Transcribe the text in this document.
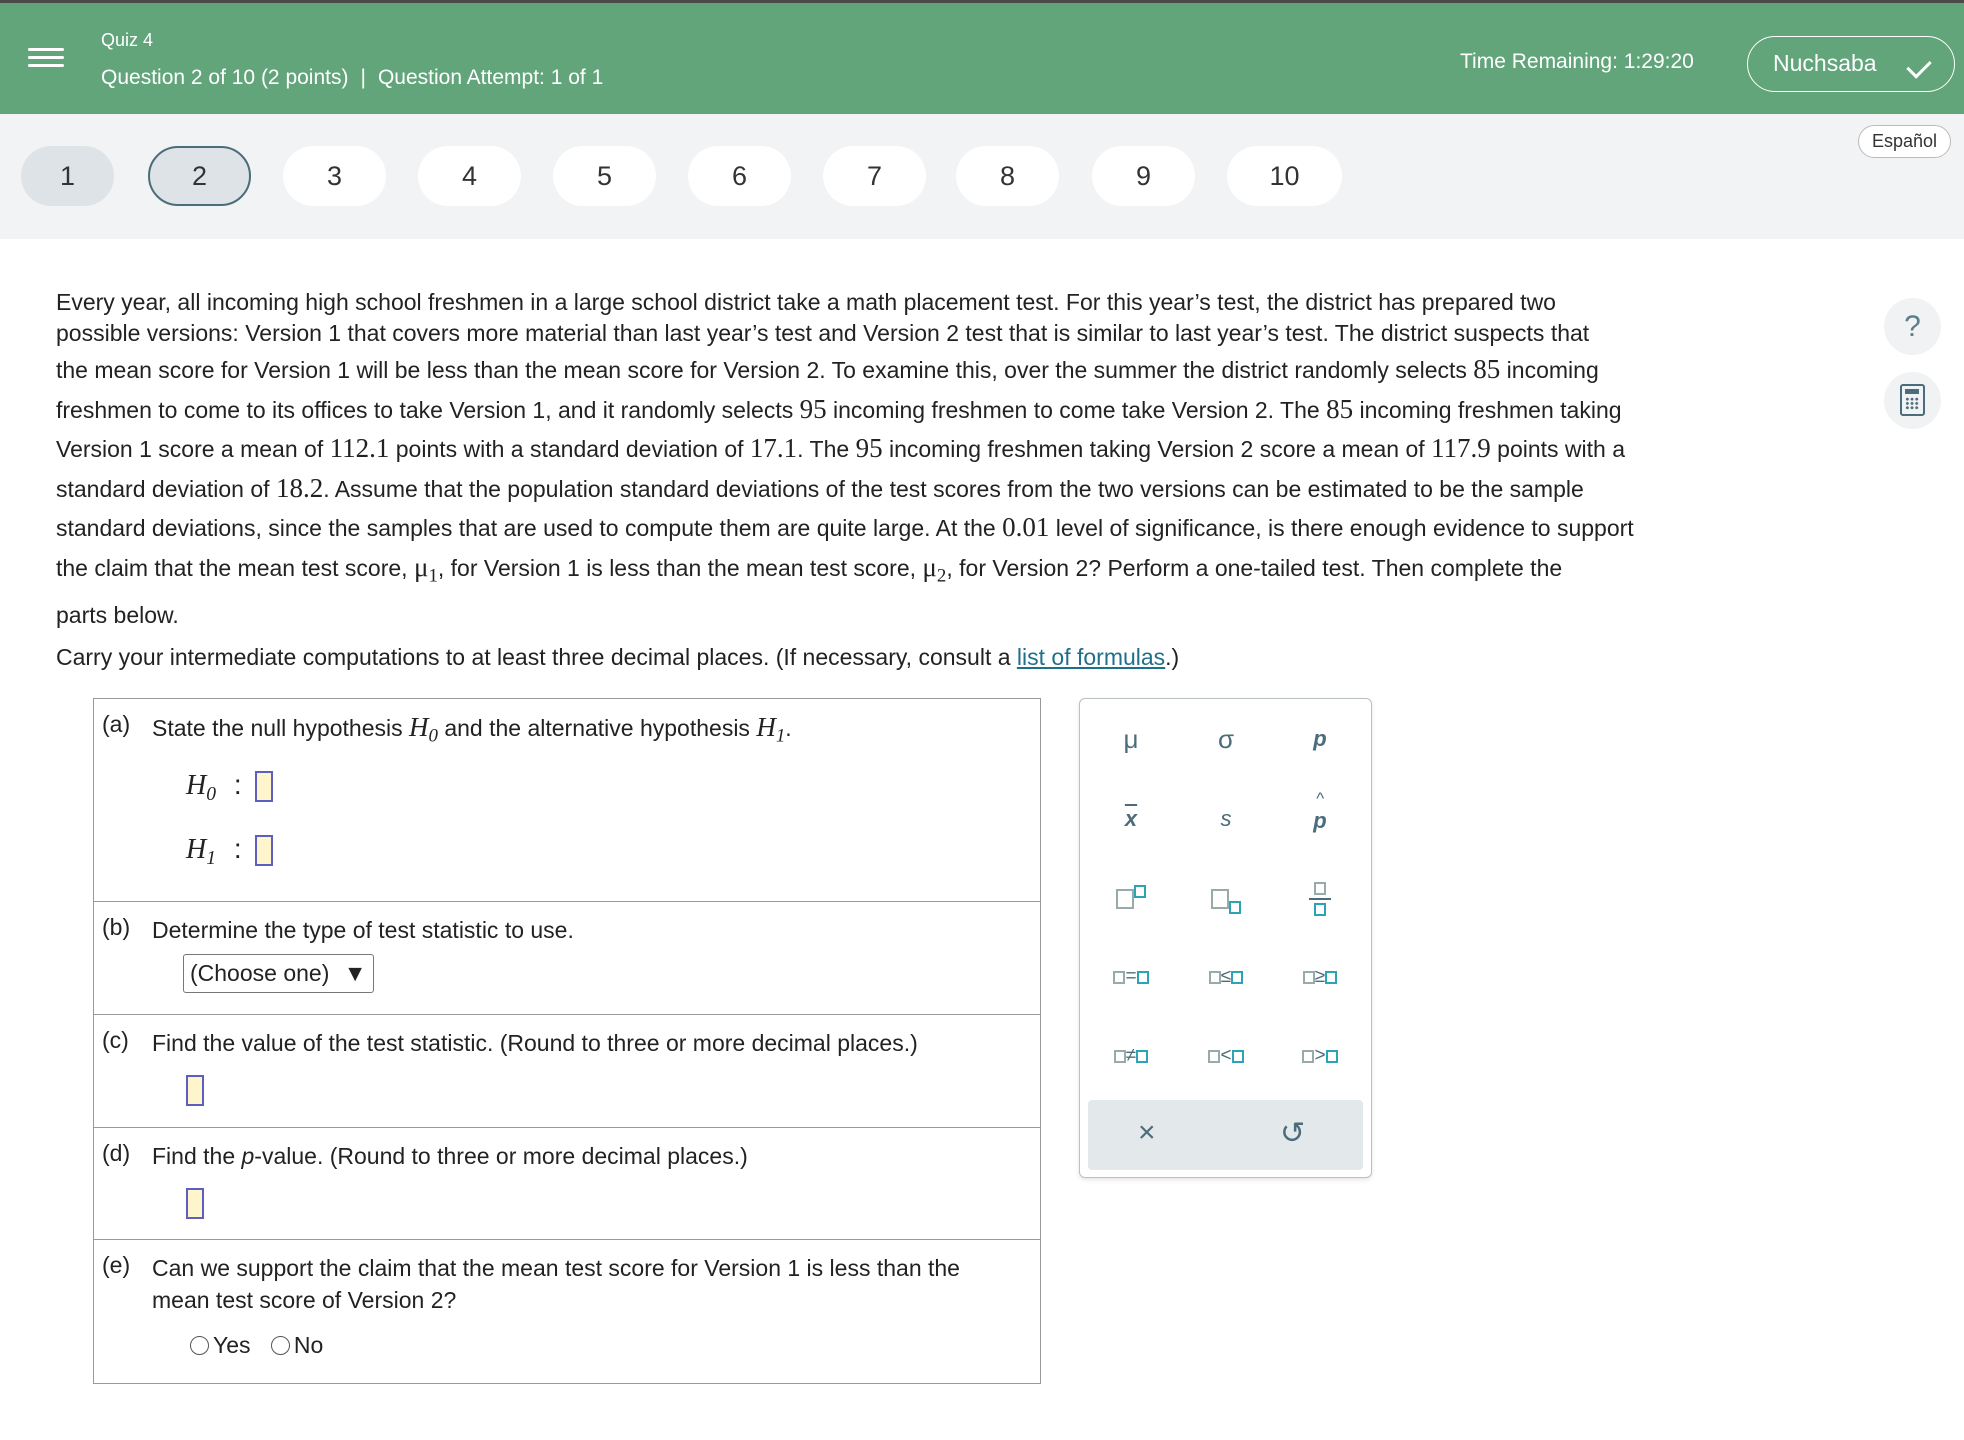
Quiz 4
Question 2 of 10 (2 points) | Question Attempt: 1 of 1
Time Remaining: 1:29:20	Nuchsaba
1	2	3	4	5	6	7	8	9	10
Español
?

Every year, all incoming high school freshmen in a large school district take a math placement test. For this year’s test, the district has prepared two

possible versions: Version 1 that covers more material than last year’s test and Version 2 test that is similar to last year’s test. The district suspects that

the mean score for Version 1 will be less than the mean score for Version 2. To examine this, over the summer the district randomly selects 85 incoming
freshmen to come to its offices to take Version 1, and it randomly selects 95 incoming freshmen to come take Version 2. The 85 incoming freshmen taking
Version 1 score a mean of 112.1 points with a standard deviation of 17.1. The 95 incoming freshmen taking Version 2 score a mean of 117.9 points with a
standard deviation of 18.2. Assume that the population standard deviations of the test scores from the two versions can be estimated to be the sample
standard deviations, since the samples that are used to compute them are quite large. At the 0.01 level of significance, is there enough evidence to support
the claim that the mean test score, $\mu_1$, for Version 1 is less than the mean test score, $\mu_2$, for Version 2? Perform a one-tailed test. Then complete the
parts below.

Carry your intermediate computations to at least three decimal places. (If necessary, consult a list of formulas.)

(a) State the null hypothesis $H_0$ and the alternative hypothesis $H_1$.
$H_0$ :
$H_1$ :
(b) Determine the type of test statistic to use.
(Choose one) ▼
(c) Find the value of the test statistic. (Round to three or more decimal places.)

(d) Find the p-value. (Round to three or more decimal places.)

(e) Can we support the claim that the mean test score for Version 1 is less than the mean test score of Version 2?
Yes No
μ	σ	p
$\overline{x}$	s
^
p
=	≤	≥
≠	<	>
×	↺
